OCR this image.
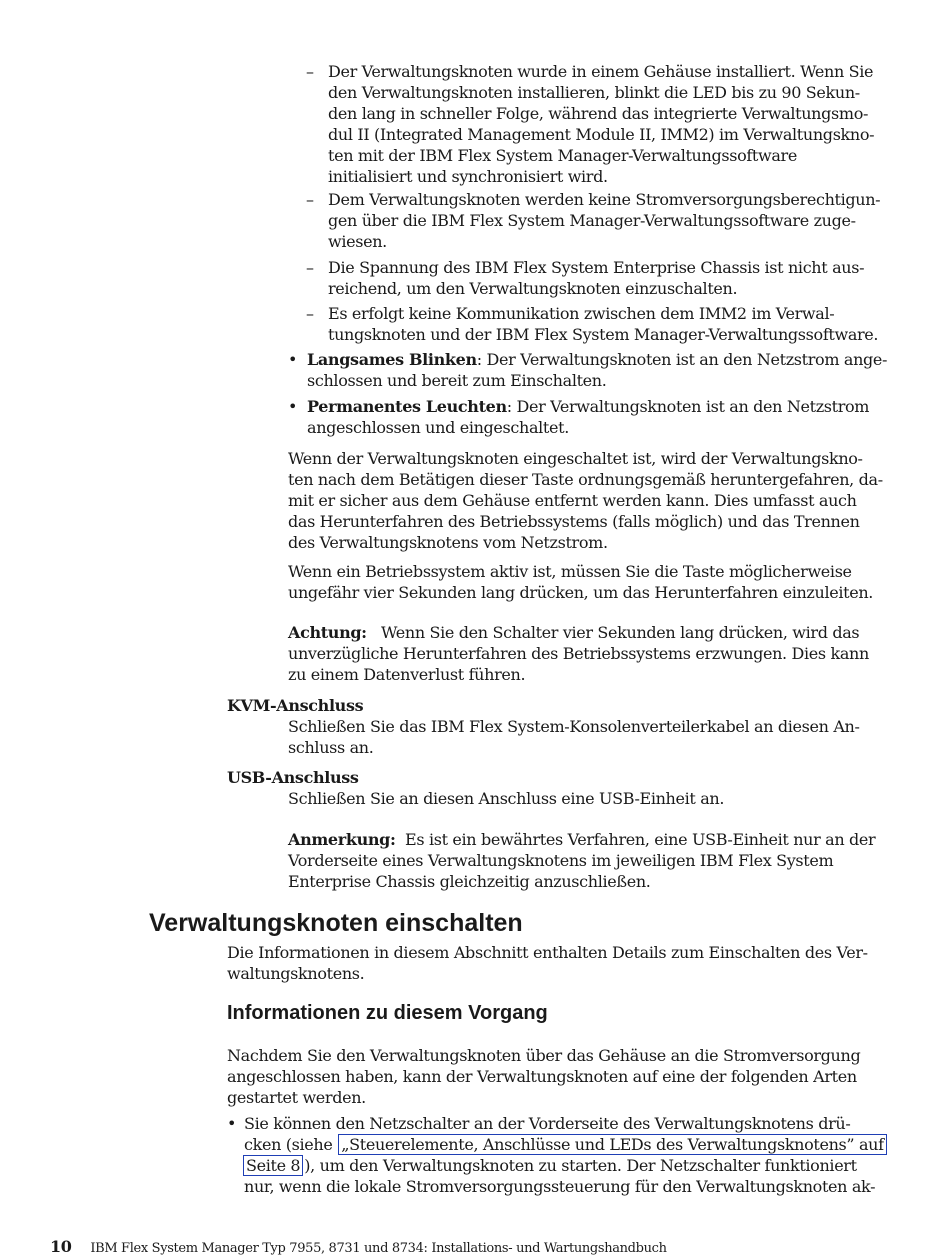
– Der Verwaltungsknoten wurde in einem Gehäuse installiert. Wenn Sie
den Verwaltungsknoten installieren, blinkt die LED bis zu 90 Sekun-
den lang in schneller Folge, während das integrierte Verwaltungsmo-
dul II (Integrated Management Module II, IMM2) im Verwaltungskno-
ten mit der IBM Flex System Manager-Verwaltungssoftware
initialisiert und synchronisiert wird.
– Dem Verwaltungsknoten werden keine Stromversorgungsberechtigun-
gen über die IBM Flex System Manager-Verwaltungssoftware zuge-
wiesen.
– Die Spannung des IBM Flex System Enterprise Chassis ist nicht aus-
reichend, um den Verwaltungsknoten einzuschalten.
– Es erfolgt keine Kommunikation zwischen dem IMM2 im Verwal-
tungsknoten und der IBM Flex System Manager-Verwaltungssoftware.
• Langsames Blinken: Der Verwaltungsknoten ist an den Netzstrom ange-
schlossen und bereit zum Einschalten.
• Permanentes Leuchten: Der Verwaltungsknoten ist an den Netzstrom
angeschlossen und eingeschaltet.
Wenn der Verwaltungsknoten eingeschaltet ist, wird der Verwaltungskno-
ten nach dem Betätigen dieser Taste ordnungsgemäß heruntergefahren, da-
mit er sicher aus dem Gehäuse entfernt werden kann. Dies umfasst auch
das Herunterfahren des Betriebssystems (falls möglich) und das Trennen
des Verwaltungsknotens vom Netzstrom.
Wenn ein Betriebssystem aktiv ist, müssen Sie die Taste möglicherweise
ungefähr vier Sekunden lang drücken, um das Herunterfahren einzuleiten.
Achtung: Wenn Sie den Schalter vier Sekunden lang drücken, wird das
unverzügliche Herunterfahren des Betriebssystems erzwungen. Dies kann
zu einem Datenverlust führen.
KVM-Anschluss
Schließen Sie das IBM Flex System-Konsolenverteilerkabel an diesen An-
schluss an.
USB-Anschluss
Schließen Sie an diesen Anschluss eine USB-Einheit an.
Anmerkung: Es ist ein bewährtes Verfahren, eine USB-Einheit nur an der
Vorderseite eines Verwaltungsknotens im jeweiligen IBM Flex System
Enterprise Chassis gleichzeitig anzuschließen.
Verwaltungsknoten einschalten
Die Informationen in diesem Abschnitt enthalten Details zum Einschalten des Ver-
waltungsknotens.
Informationen zu diesem Vorgang
Nachdem Sie den Verwaltungsknoten über das Gehäuse an die Stromversorgung
angeschlossen haben, kann der Verwaltungsknoten auf eine der folgenden Arten
gestartet werden.
• Sie können den Netzschalter an der Vorderseite des Verwaltungsknotens drü-
cken (siehe „Steuerelemente, Anschlüsse und LEDs des Verwaltungsknotens” auf
Seite 8 ), um den Verwaltungsknoten zu starten. Der Netzschalter funktioniert
nur, wenn die lokale Stromversorgungssteuerung für den Verwaltungsknoten ak-
10 IBM Flex System Manager Typ 7955, 8731 und 8734: Installations- und Wartungshandbuch
